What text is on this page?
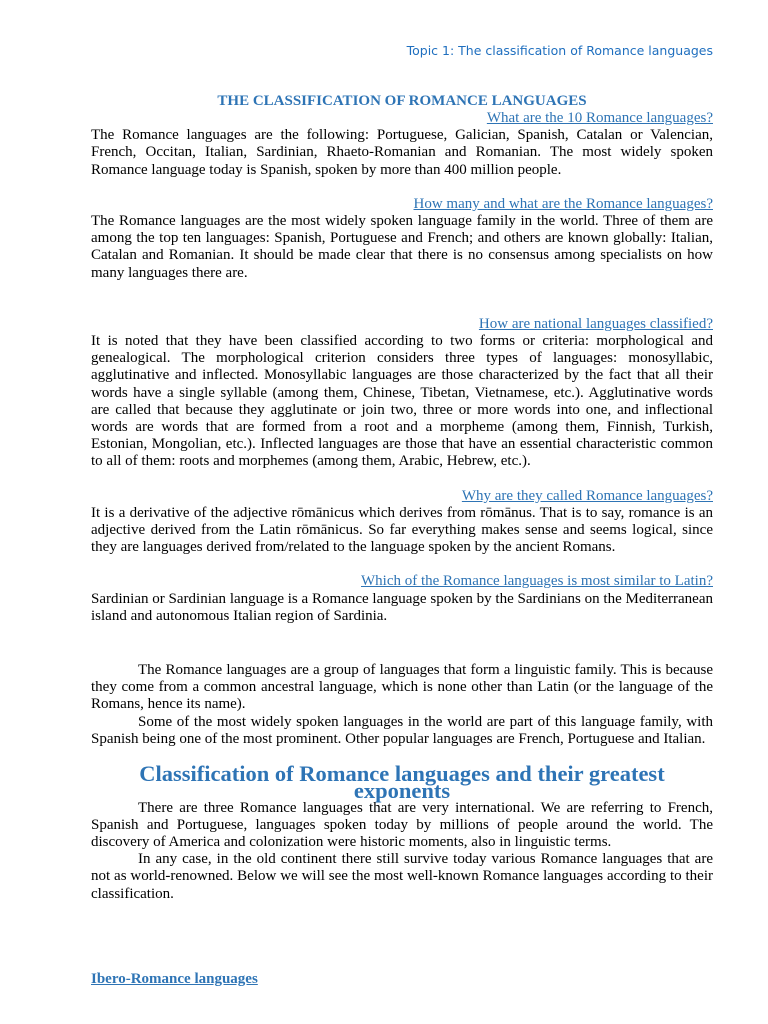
Topic 1: The classification of Romance languages
THE CLASSIFICATION OF ROMANCE LANGUAGES
What are the 10 Romance languages?

The Romance languages are the following: Portuguese, Galician, Spanish, Catalan or Valencian, French, Occitan, Italian, Sardinian, Rhaeto-Romanian and Romanian. The most widely spoken Romance language today is Spanish, spoken by more than 400 million people.

How many and what are the Romance languages?

The Romance languages are the most widely spoken language family in the world. Three of them are among the top ten languages: Spanish, Portuguese and French; and others are known globally: Italian, Catalan and Romanian. It should be made clear that there is no consensus among specialists on how many languages there are.

How are national languages classified?

It is noted that they have been classified according to two forms or criteria: morphological and genealogical. The morphological criterion considers three types of languages: monosyllabic, agglutinative and inflected. Monosyllabic languages are those characterized by the fact that all their words have a single syllable (among them, Chinese, Tibetan, Vietnamese, etc.). Agglutinative words are called that because they agglutinate or join two, three or more words into one, and inflectional words are words that are formed from a root and a morpheme (among them, Finnish, Turkish, Estonian, Mongolian, etc.). Inflected languages are those that have an essential characteristic common to all of them: roots and morphemes (among them, Arabic, Hebrew, etc.).

Why are they called Romance languages?

It is a derivative of the adjective rōmānicus which derives from rōmānus. That is to say, romance is an adjective derived from the Latin rōmānicus. So far everything makes sense and seems logical, since they are languages derived from/related to the language spoken by the ancient Romans.

Which of the Romance languages is most similar to Latin?

Sardinian or Sardinian language is a Romance language spoken by the Sardinians on the Mediterranean island and autonomous Italian region of Sardinia.

The Romance languages are a group of languages that form a linguistic family. This is because they come from a common ancestral language, which is none other than Latin (or the language of the Romans, hence its name).

Some of the most widely spoken languages in the world are part of this language family, with Spanish being one of the most prominent. Other popular languages are French, Portuguese and Italian.

Classification of Romance languages and their greatest exponents

There are three Romance languages that are very international. We are referring to French, Spanish and Portuguese, languages spoken today by millions of people around the world. The discovery of America and colonization were historic moments, also in linguistic terms.

In any case, in the old continent there still survive today various Romance languages that are not as world-renowned. Below we will see the most well-known Romance languages according to their classification.

Ibero-Romance languages
